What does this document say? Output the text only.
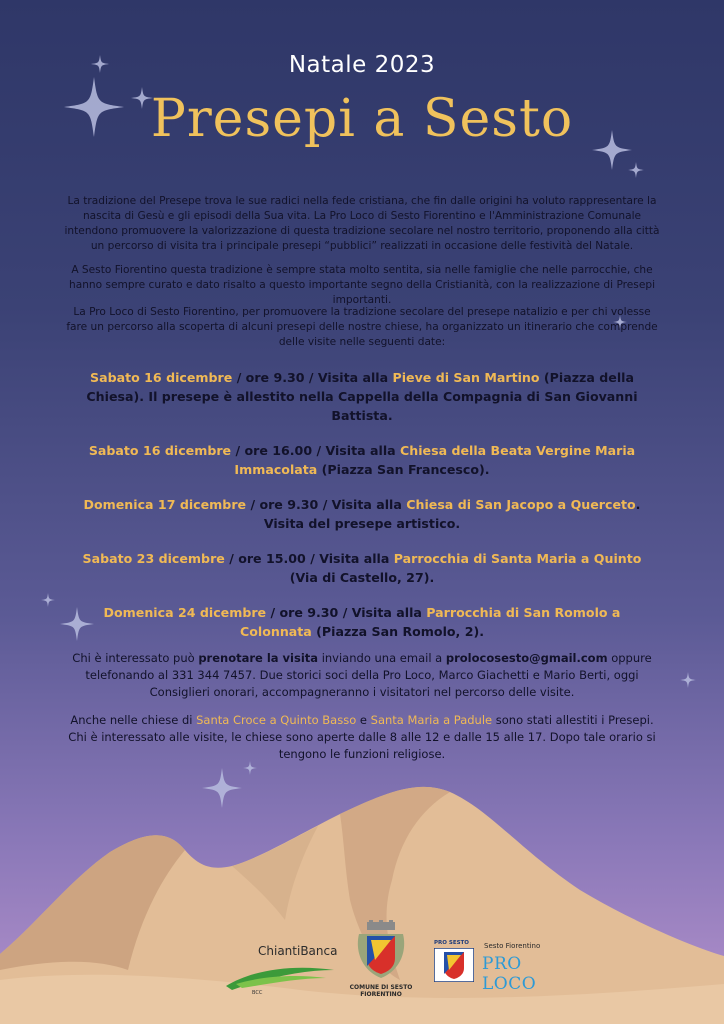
Natale 2023
Presepi a Sesto
La tradizione del Presepe trova le sue radici nella fede cristiana, che fin dalle origini ha voluto rappresentare la nascita di Gesù e gli episodi della Sua vita. La Pro Loco di Sesto Fiorentino e l'Amministrazione Comunale intendono promuovere la valorizzazione di questa tradizione secolare nel nostro territorio, proponendo alla città un percorso di visita tra i principale presepi “pubblici” realizzati in occasione delle festività del Natale.
A Sesto Fiorentino questa tradizione è sempre stata molto sentita, sia nelle famiglie che nelle parrocchie, che hanno sempre curato e dato risalto a questo importante segno della Cristianità, con la realizzazione di Presepi importanti.
La Pro Loco di Sesto Fiorentino, per promuovere la tradizione secolare del presepe natalizio e per chi volesse fare un percorso alla scoperta di alcuni presepi delle nostre chiese, ha organizzato un itinerario che comprende delle visite nelle seguenti date:
Sabato 16 dicembre / ore 9.30 / Visita alla Pieve di San Martino (Piazza della Chiesa). Il presepe è allestito nella Cappella della Compagnia di San Giovanni Battista.
Sabato 16 dicembre / ore 16.00 / Visita alla Chiesa della Beata Vergine Maria Immacolata (Piazza San Francesco).
Domenica 17 dicembre / ore 9.30 / Visita alla Chiesa di San Jacopo a Querceto. Visita del presepe artistico.
Sabato 23 dicembre / ore 15.00 / Visita alla Parrocchia di Santa Maria a Quinto (Via di Castello, 27).
Domenica 24 dicembre / ore 9.30 / Visita alla Parrocchia di San Romolo a Colonnata (Piazza San Romolo, 2).
Chi è interessato può prenotare la visita inviando una email a prolocosesto@gmail.com oppure telefonando al 331 344 7457. Due storici soci della Pro Loco, Marco Giachetti e Mario Berti, oggi Consiglieri onorari, accompagneranno i visitatori nel percorso delle visite.
Anche nelle chiese di Santa Croce a Quinto Basso e Santa Maria a Padule sono stati allestiti i Presepi. Chi è interessato alle visite, le chiese sono aperte dalle 8 alle 12 e dalle 15 alle 17. Dopo tale orario si tengono le funzioni religiose.
ChiantiBanca
BCC
COMUNE DI SESTO FIORENTINO
PRO SESTO Sesto Fiorentino
PRO LOCO
